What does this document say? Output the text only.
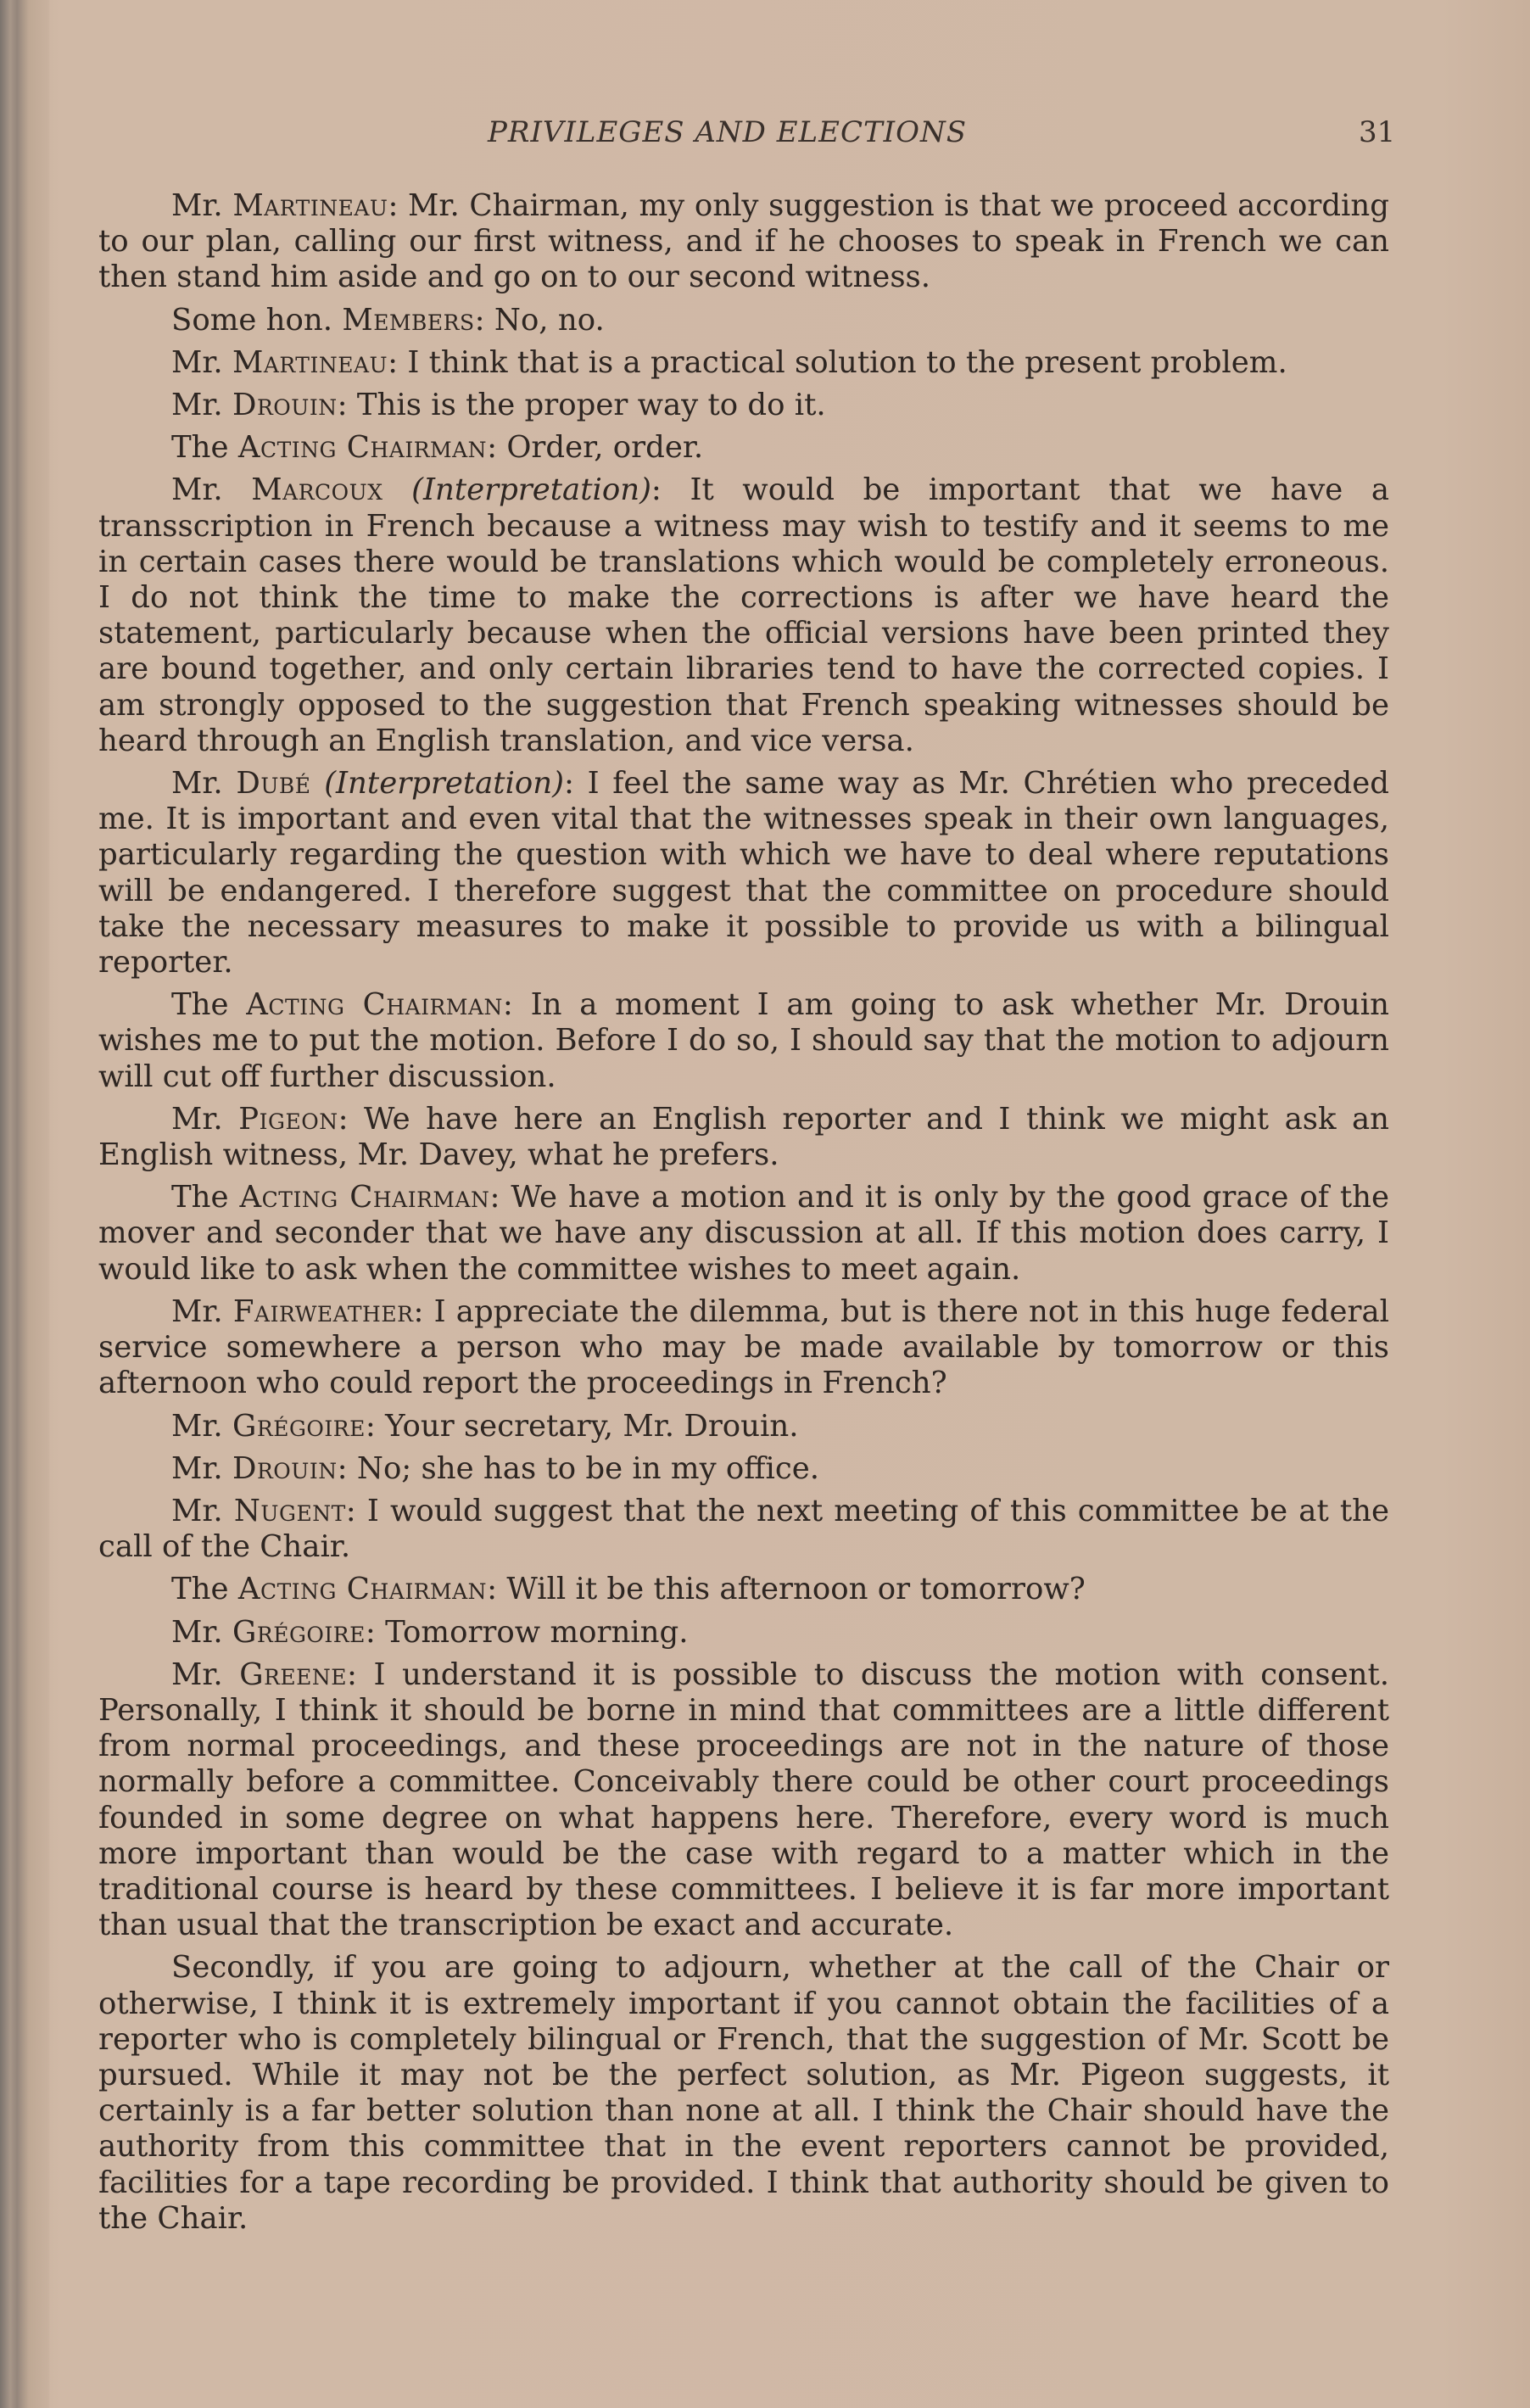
PRIVILEGES AND ELECTIONS	31

Mr. Martineau: Mr. Chairman, my only suggestion is that we proceed according to our plan, calling our first witness, and if he chooses to speak in French we can then stand him aside and go on to our second witness.

Some hon. Members: No, no.

Mr. Martineau: I think that is a practical solution to the present problem.

Mr. Drouin: This is the proper way to do it.

The Acting Chairman: Order, order.

Mr. Marcoux (Interpretation): It would be important that we have a transscription in French because a witness may wish to testify and it seems to me in certain cases there would be translations which would be completely erroneous. I do not think the time to make the corrections is after we have heard the statement, particularly because when the official versions have been printed they are bound together, and only certain libraries tend to have the corrected copies. I am strongly opposed to the suggestion that French speaking witnesses should be heard through an English translation, and vice versa.

Mr. Dubé (Interpretation): I feel the same way as Mr. Chrétien who preceded me. It is important and even vital that the witnesses speak in their own languages, particularly regarding the question with which we have to deal where reputations will be endangered. I therefore suggest that the committee on procedure should take the necessary measures to make it possible to provide us with a bilingual reporter.

The Acting Chairman: In a moment I am going to ask whether Mr. Drouin wishes me to put the motion. Before I do so, I should say that the motion to adjourn will cut off further discussion.

Mr. Pigeon: We have here an English reporter and I think we might ask an English witness, Mr. Davey, what he prefers.

The Acting Chairman: We have a motion and it is only by the good grace of the mover and seconder that we have any discussion at all. If this motion does carry, I would like to ask when the committee wishes to meet again.

Mr. Fairweather: I appreciate the dilemma, but is there not in this huge federal service somewhere a person who may be made available by tomorrow or this afternoon who could report the proceedings in French?

Mr. Grégoire: Your secretary, Mr. Drouin.

Mr. Drouin: No; she has to be in my office.

Mr. Nugent: I would suggest that the next meeting of this committee be at the call of the Chair.

The Acting Chairman: Will it be this afternoon or tomorrow?

Mr. Grégoire: Tomorrow morning.

Mr. Greene: I understand it is possible to discuss the motion with consent. Personally, I think it should be borne in mind that committees are a little different from normal proceedings, and these proceedings are not in the nature of those normally before a committee. Conceivably there could be other court proceedings founded in some degree on what happens here. Therefore, every word is much more important than would be the case with regard to a matter which in the traditional course is heard by these committees. I believe it is far more important than usual that the transcription be exact and accurate.

Secondly, if you are going to adjourn, whether at the call of the Chair or otherwise, I think it is extremely important if you cannot obtain the facilities of a reporter who is completely bilingual or French, that the suggestion of Mr. Scott be pursued. While it may not be the perfect solution, as Mr. Pigeon suggests, it certainly is a far better solution than none at all. I think the Chair should have the authority from this committee that in the event reporters cannot be provided, facilities for a tape recording be provided. I think that authority should be given to the Chair.
